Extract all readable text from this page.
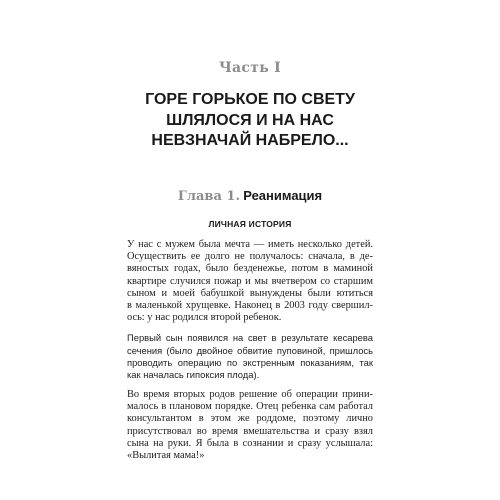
Часть I
ГОРЕ ГОРЬКОЕ ПО СВЕТУ
ШЛЯЛОСЯ И НА НАС
НЕВЗНАЧАЙ НАБРЕЛО...
Глава 1. Реанимация
ЛИЧНАЯ ИСТОРИЯ
У нас с мужем была мечта — иметь несколько детей.
Осуществить ее долго не получалось: сначала, в де-
вяностых годах, было безденежье, потом в маминой
квартире случился пожар и мы вчетвером со старшим
сыном и моей бабушкой вынуждены были ютиться
в маленькой хрущевке. Наконец в 2003 году свершил-
ось: у нас родился второй ребенок.
Первый сын появился на свет в результате кесарева
сечения (было двойное обвитие пуповиной, пришлось
проводить операцию по экстренным показаниям, так
как началась гипоксия плода).
Во время вторых родов решение об операции прини-
малось в плановом порядке. Отец ребенка сам работал
консультантом в этом же роддоме, поэтому лично
присутствовал во время вмешательства и сразу взял
сына на руки. Я была в сознании и сразу услышала:
«Вылитая мама!»
